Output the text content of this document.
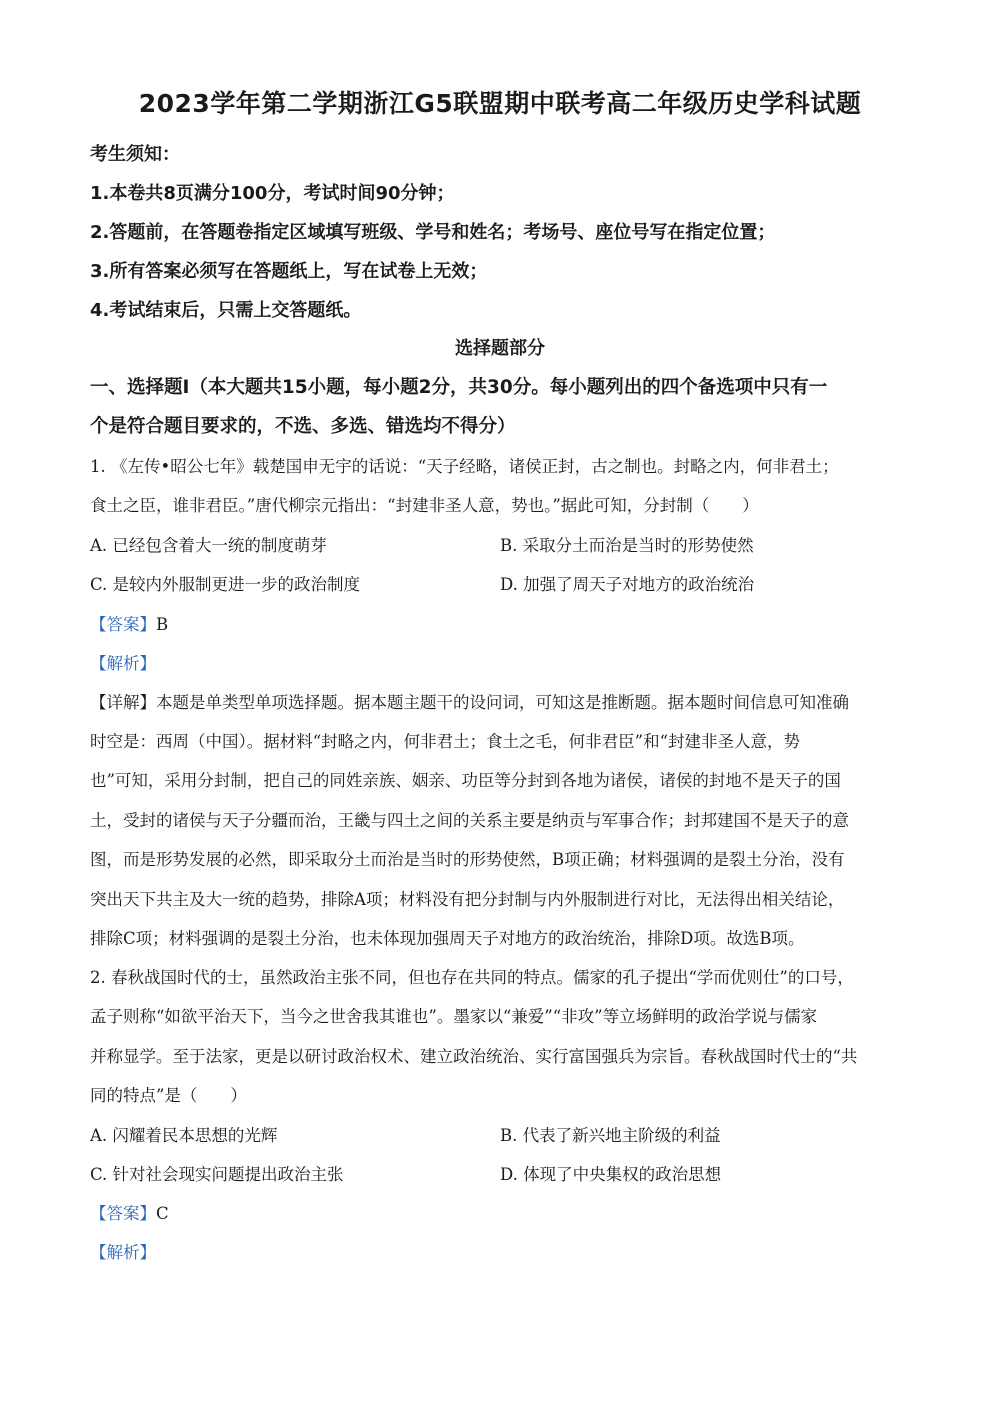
2023学年第二学期浙江G5联盟期中联考高二年级历史学科试题
考生须知：
1.本卷共8页满分100分，考试时间90分钟；
2.答题前，在答题卷指定区域填写班级、学号和姓名；考场号、座位号写在指定位置；
3.所有答案必须写在答题纸上，写在试卷上无效；
4.考试结束后，只需上交答题纸。
选择题部分
一、选择题Ⅰ（本大题共15小题，每小题2分，共30分。每小题列出的四个备选项中只有一
个是符合题目要求的，不选、多选、错选均不得分）
1. 《左传•昭公七年》载楚国申无宇的话说：“天子经略，诸侯正封，古之制也。封略之内，何非君土；
食土之臣，谁非君臣。”唐代柳宗元指出：“封建非圣人意，势也。”据此可知，分封制（　　）
A. 已经包含着大一统的制度萌芽	B. 采取分土而治是当时的形势使然
C. 是较内外服制更进一步的政治制度	D. 加强了周天子对地方的政治统治
【答案】B
【解析】
【详解】本题是单类型单项选择题。据本题主题干的设问词，可知这是推断题。据本题时间信息可知准确
时空是：西周（中国）。据材料“封略之内，何非君土；食土之毛，何非君臣”和“封建非圣人意，势
也”可知，采用分封制，把自己的同姓亲族、姻亲、功臣等分封到各地为诸侯，诸侯的封地不是天子的国
土，受封的诸侯与天子分疆而治，王畿与四土之间的关系主要是纳贡与军事合作；封邦建国不是天子的意
图，而是形势发展的必然，即采取分土而治是当时的形势使然，B项正确；材料强调的是裂土分治，没有
突出天下共主及大一统的趋势，排除A项；材料没有把分封制与内外服制进行对比，无法得出相关结论，
排除C项；材料强调的是裂土分治，也未体现加强周天子对地方的政治统治，排除D项。故选B项。
2. 春秋战国时代的士，虽然政治主张不同，但也存在共同的特点。儒家的孔子提出“学而优则仕”的口号，
孟子则称“如欲平治天下，当今之世舍我其谁也”。墨家以“兼爱”“非攻”等立场鲜明的政治学说与儒家
并称显学。至于法家，更是以研讨政治权术、建立政治统治、实行富国强兵为宗旨。春秋战国时代士的“共
同的特点”是（　　）
A. 闪耀着民本思想的光辉	B. 代表了新兴地主阶级的利益
C. 针对社会现实问题提出政治主张	D. 体现了中央集权的政治思想
【答案】C
【解析】
